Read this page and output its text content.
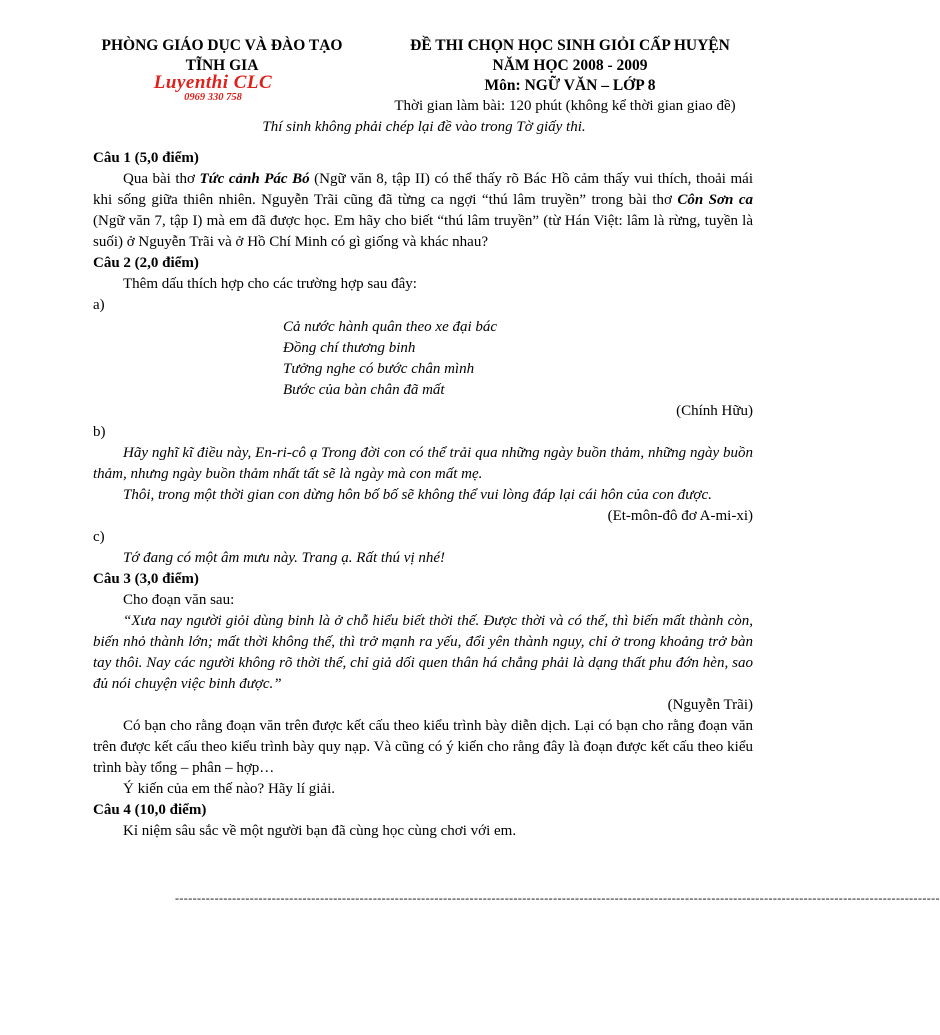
PHÒNG GIÁO DỤC VÀ ĐÀO TẠO
TĨNH GIA
Luyenthi CLC
0969 330 758
ĐỀ THI CHỌN HỌC SINH GIỎI CẤP HUYỆN
NĂM HỌC 2008 - 2009
Môn: NGỮ VĂN – LỚP 8
Thời gian làm bài: 120 phút (không kể thời gian giao đề)
Thí sinh không phải chép lại đề vào trong Tờ giấy thi.

Câu 1 (5,0 điểm)

Qua bài thơ Tức cảnh Pác Bó (Ngữ văn 8, tập II) có thể thấy rõ Bác Hồ cảm thấy vui thích, thoải mái khi sống giữa thiên nhiên. Nguyễn Trãi cũng đã từng ca ngợi “thú lâm truyền” trong bài thơ Côn Sơn ca (Ngữ văn 7, tập I) mà em đã được học. Em hãy cho biết “thú lâm truyền” (từ Hán Việt: lâm là rừng, tuyền là suối) ở Nguyễn Trãi và ở Hồ Chí Minh có gì giống và khác nhau?

Câu 2 (2,0 điểm)

Thêm dấu thích hợp cho các trường hợp sau đây:

a)

Cả nước hành quân theo xe đại bác

Đồng chí thương binh

Tưởng nghe có bước chân mình

Bước của bàn chân đã mất

(Chính Hữu)

b)

Hãy nghĩ kĩ điều này, En-ri-cô ạ Trong đời con có thể trải qua những ngày buồn thảm, những ngày buồn thảm, nhưng ngày buồn thảm nhất tất sẽ là ngày mà con mất mẹ.

Thôi, trong một thời gian con dừng hôn bố bố sẽ không thể vui lòng đáp lại cái hôn của con được.

(Et-môn-đô đơ A-mi-xi)

c)

Tớ đang có một âm mưu này. Trang ạ. Rất thú vị nhé!

Câu 3 (3,0 điểm)

Cho đoạn văn sau:

“Xưa nay người giỏi dùng binh là ở chỗ hiểu biết thời thế. Được thời và có thế, thì biến mất thành còn, biến nhỏ thành lớn; mất thời không thế, thì trở mạnh ra yếu, đổi yên thành nguy, chỉ ở trong khoảng trở bàn tay thôi. Nay các người không rõ thời thế, chỉ giả dối quen thân há chẳng phải là dạng thất phu đớn hèn, sao đủ nói chuyện việc binh được.”

(Nguyễn Trãi)

Có bạn cho rằng đoạn văn trên được kết cấu theo kiểu trình bày diễn dịch. Lại có bạn cho rằng đoạn văn trên được kết cấu theo kiểu trình bày quy nạp. Và cũng có ý kiến cho rằng đây là đoạn được kết cấu theo kiểu trình bày tổng – phân – hợp…

Ý kiến của em thế nào? Hãy lí giải.

Câu 4 (10,0 điểm)

Kỉ niệm sâu sắc về một người bạn đã cùng học cùng chơi với em.

------------------------------------------------------------------------------------------------------------------------------------------------------------------------------
